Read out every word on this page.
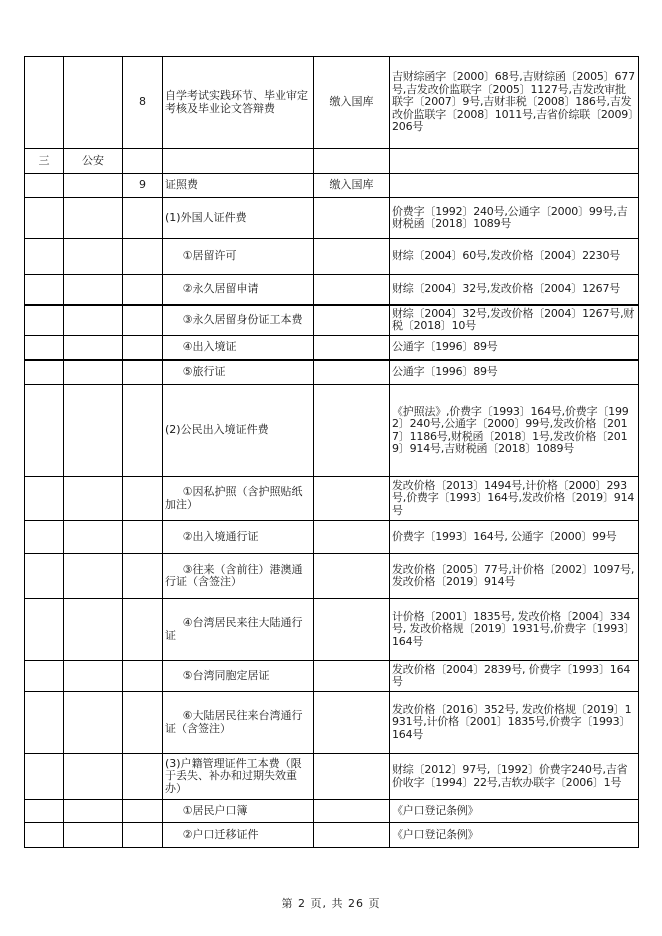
		8	自学考试实践环节、毕业审定考核及毕业论文答辩费	缴入国库	吉财综函字〔2000〕68号,吉财综函〔2005〕677号,吉发改价监联字〔2005〕1127号,吉发改审批联字〔2007〕9号,吉财非税〔2008〕186号,吉发改价监联字〔2008〕1011号,吉省价综联〔2009〕206号
三	公安				
		9	证照费	缴入国库	
			(1)外国人证件费		价费字〔1992〕240号,公通字〔2000〕99号,吉财税函〔2018〕1089号
			①居留许可		财综〔2004〕60号,发改价格〔2004〕2230号
			②永久居留申请		财综〔2004〕32号,发改价格〔2004〕1267号
			③永久居留身份证工本费		财综〔2004〕32号,发改价格〔2004〕1267号,财税〔2018〕10号
			④出入境证		公通字〔1996〕89号
			⑤旅行证		公通字〔1996〕89号
			(2)公民出入境证件费		《护照法》,价费字〔1993〕164号,价费字〔1992〕240号,公通字〔2000〕99号,发改价格〔2017〕1186号,财税函〔2018〕1号,发改价格〔2019〕914号,吉财税函〔2018〕1089号
			①因私护照（含护照贴纸加注）		发改价格〔2013〕1494号,计价格〔2000〕293号,价费字〔1993〕164号,发改价格〔2019〕914号
			②出入境通行证		价费字〔1993〕164号, 公通字〔2000〕99号
			③往来（含前往）港澳通行证（含签注）		发改价格〔2005〕77号,计价格〔2002〕1097号,发改价格〔2019〕914号
			④台湾居民来往大陆通行证		计价格〔2001〕1835号, 发改价格〔2004〕334号, 发改价格规〔2019〕1931号,价费字〔1993〕164号
			⑤台湾同胞定居证		发改价格〔2004〕2839号, 价费字〔1993〕164号
			⑥大陆居民往来台湾通行证（含签注）		发改价格〔2016〕352号, 发改价格规〔2019〕1931号,计价格〔2001〕1835号,价费字〔1993〕164号
			(3)户籍管理证件工本费（限于丢失、补办和过期失效重办）		财综〔2012〕97号,〔1992〕价费字240号,吉省价收字〔1994〕22号,吉软办联字〔2006〕1号
			①居民户口簿		《户口登记条例》
			②户口迁移证件		《户口登记条例》
第 2 页, 共 26 页
